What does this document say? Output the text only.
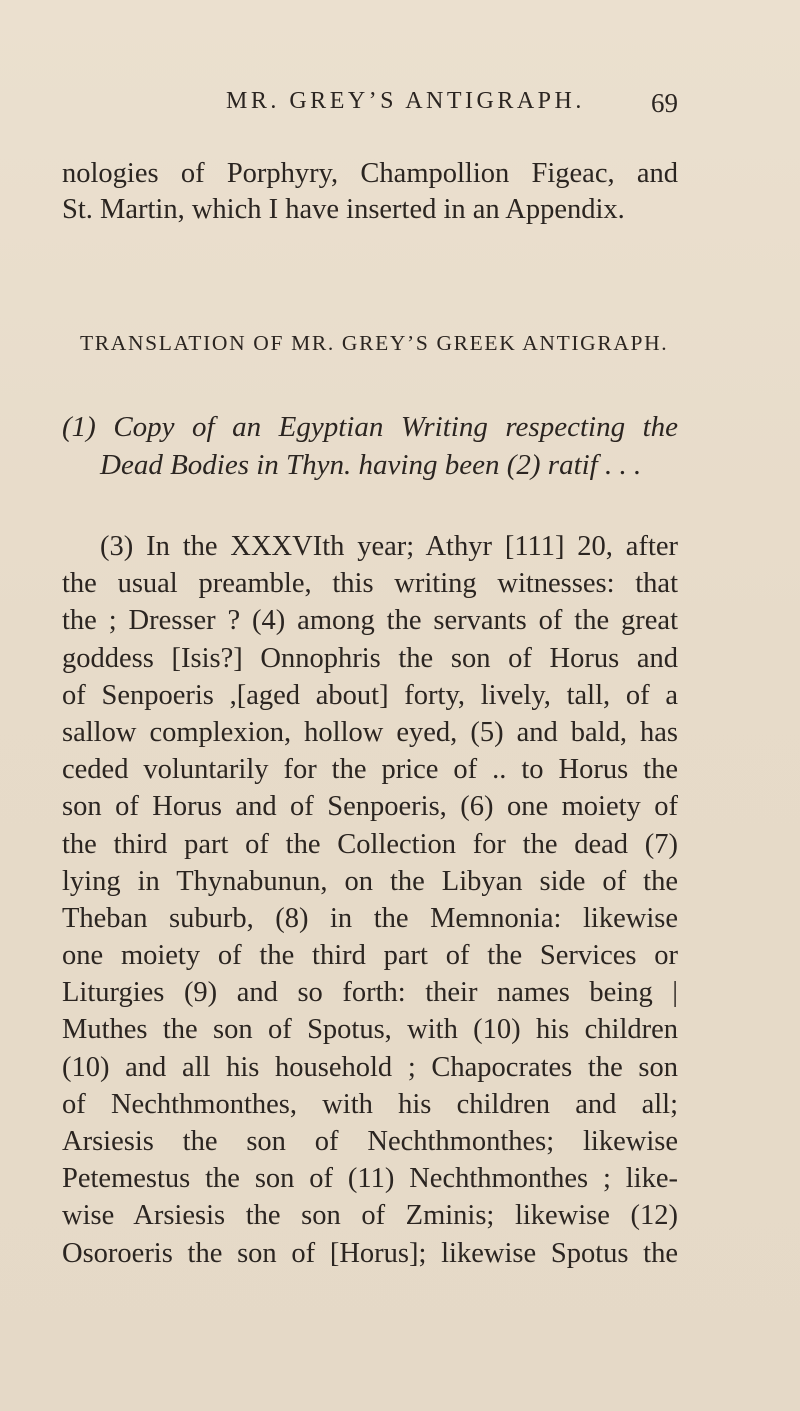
MR. GREY’S ANTIGRAPH. 69
nologies of Porphyry, Champollion Figeac, and
St. Martin, which I have inserted in an Appendix.
TRANSLATION OF MR. GREY’S GREEK ANTIGRAPH.
(1) Copy of an Egyptian Writing respecting the
Dead Bodies in Thyn. having been (2) ratif . . .
(3) In the XXXVIth year; Athyr [111] 20, after
the usual preamble, this writing witnesses: that
the ; Dresser ? (4) among the servants of the great
goddess [Isis?] Onnophris the son of Horus and
of Senpoeris ,[aged about] forty, lively, tall, of a
sallow complexion, hollow eyed, (5) and bald, has
ceded voluntarily for the price of .. to Horus the
son of Horus and of Senpoeris, (6) one moiety of
the third part of the Collection for the dead (7)
lying in Thynabunun, on the Libyan side of the
Theban suburb, (8) in the Memnonia: likewise
one moiety of the third part of the Services or
Liturgies (9) and so forth: their names being |
Muthes the son of Spotus, with (10) his children
(10) and all his household ; Chapocrates the son
of Nechthmonthes, with his children and all;
Arsiesis the son of Nechthmonthes; likewise
Petemestus the son of (11) Nechthmonthes ; like-
wise Arsiesis the son of Zminis; likewise (12)
Osoroeris the son of [Horus]; likewise Spotus the
